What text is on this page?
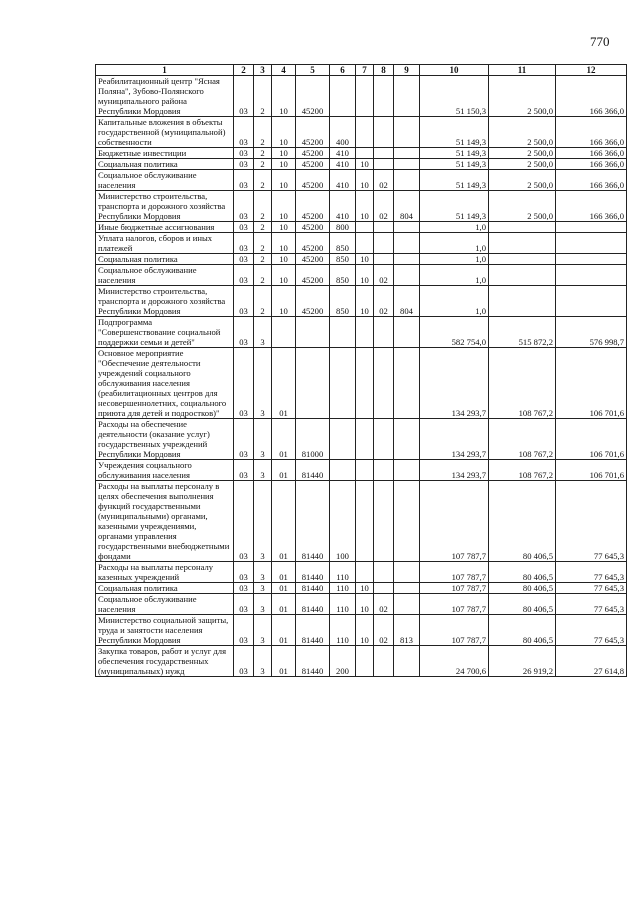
770
1	2	3	4	5	6	7	8	9	10	11	12

Реабилитационный центр "Ясная Поляна", Зубово-Полянского муниципального района Республики Мордовия	03	2	10	45200					51 150,3	2 500,0	166 366,0

Капитальные вложения в объекты государственной (муниципальной) собственности	03	2	10	45200	400				51 149,3	2 500,0	166 366,0

Бюджетные инвестиции	03	2	10	45200	410				51 149,3	2 500,0	166 366,0

Социальная политика	03	2	10	45200	410	10			51 149,3	2 500,0	166 366,0

Социальное обслуживание населения	03	2	10	45200	410	10	02		51 149,3	2 500,0	166 366,0

Министерство строительства, транспорта и дорожного хозяйства Республики Мордовия	03	2	10	45200	410	10	02	804	51 149,3	2 500,0	166 366,0

Иные бюджетные ассигнования	03	2	10	45200	800				1,0		

Уплата налогов, сборов и иных платежей	03	2	10	45200	850				1,0		

Социальная политика	03	2	10	45200	850	10			1,0		

Социальное обслуживание населения	03	2	10	45200	850	10	02		1,0		

Министерство строительства, транспорта и дорожного хозяйства Республики Мордовия	03	2	10	45200	850	10	02	804	1,0		

Подпрограмма "Совершенствование социальной поддержки семьи и детей"	03	3							582 754,0	515 872,2	576 998,7

Основное мероприятие "Обеспечение деятельности учреждений социального обслуживания населения (реабилитационных центров для несовершеннолетних, социального приюта для детей и подростков)"	03	3	01						134 293,7	108 767,2	106 701,6

Расходы на обеспечение деятельности (оказание услуг) государственных учреждений Республики Мордовия	03	3	01	81000					134 293,7	108 767,2	106 701,6

Учреждения социального обслуживания населения	03	3	01	81440					134 293,7	108 767,2	106 701,6

Расходы на выплаты персоналу в целях обеспечения выполнения функций государственными (муниципальными) органами, казенными учреждениями, органами управления государственными внебюджетными фондами	03	3	01	81440	100				107 787,7	80 406,5	77 645,3

Расходы на выплаты персоналу казенных учреждений	03	3	01	81440	110				107 787,7	80 406,5	77 645,3

Социальная политика	03	3	01	81440	110	10			107 787,7	80 406,5	77 645,3

Социальное обслуживание населения	03	3	01	81440	110	10	02		107 787,7	80 406,5	77 645,3

Министерство социальной защиты, труда и занятости населения Республики Мордовия	03	3	01	81440	110	10	02	813	107 787,7	80 406,5	77 645,3

Закупка товаров, работ и услуг для обеспечения государственных (муниципальных) нужд	03	3	01	81440	200				24 700,6	26 919,2	27 614,8
